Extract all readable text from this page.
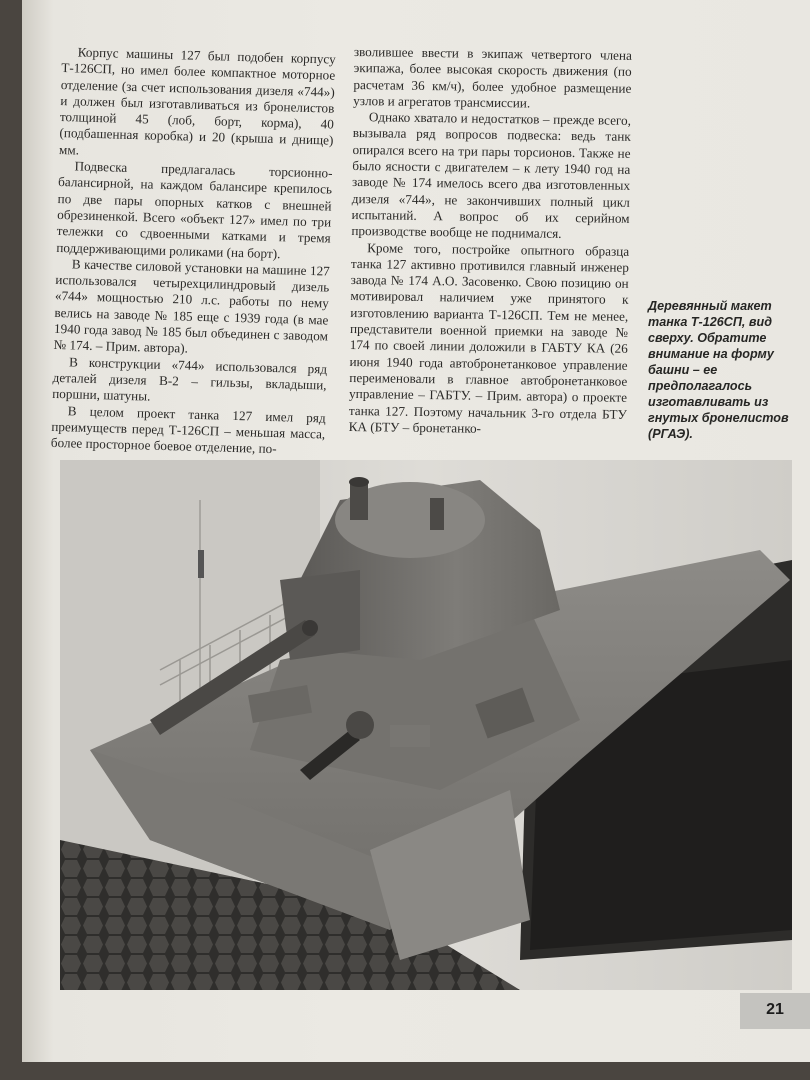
Корпус машины 127 был подобен корпусу Т-126СП, но имел более компактное моторное отделение (за счет использования дизеля «744») и должен был изготавливаться из бронелистов толщиной 45 (лоб, борт, корма), 40 (подбашенная коробка) и 20 (крыша и днище) мм.

Подвеска предлагалась торсионно-балансирной, на каждом балансире крепилось по две пары опорных катков с внешней обрезиненкой. Всего «объект 127» имел по три тележки со сдвоенными катками и тремя поддерживающими роликами (на борт).

В качестве силовой установки на машине 127 использовался четырехцилиндровый дизель «744» мощностью 210 л.с. работы по нему велись на заводе № 185 еще с 1939 года (в мае 1940 года завод № 185 был объединен с заводом № 174. – Прим. автора).

В конструкции «744» использовался ряд деталей дизеля В-2 – гильзы, вкладыши, поршни, шатуны.

В целом проект танка 127 имел ряд преимуществ перед Т-126СП – меньшая масса, более просторное боевое отделение, по-

зволившее ввести в экипаж четвертого члена экипажа, более высокая скорость движения (по расчетам 36 км/ч), более удобное размещение узлов и агрегатов трансмиссии.

Однако хватало и недостатков – прежде всего, вызывала ряд вопросов подвеска: ведь танк опирался всего на три пары торсионов. Также не было ясности с двигателем – к лету 1940 год на заводе № 174 имелось всего два изготовленных дизеля «744», не закончивших полный цикл испытаний. А вопрос об их серийном производстве вообще не поднимался.

Кроме того, постройке опытного образца танка 127 активно противился главный инженер завода № 174 А.О. Засовенко. Свою позицию он мотивировал наличием уже принятого к изготовлению варианта Т-126СП. Тем не менее, представители военной приемки на заводе № 174 по своей линии доложили в ГАБТУ КА (26 июня 1940 года автобронетанковое управление переименовали в главное автобронетанковое управление – ГАБТУ. – Прим. автора) о проекте танка 127. Поэтому начальник 3-го отдела БТУ КА (БТУ – бронетанко-

Деревянный макет танка Т-126СП, вид сверху. Обратите внимание на форму башни – ее предполагалось изготавливать из гнутых бронелистов (РГАЭ).
21
